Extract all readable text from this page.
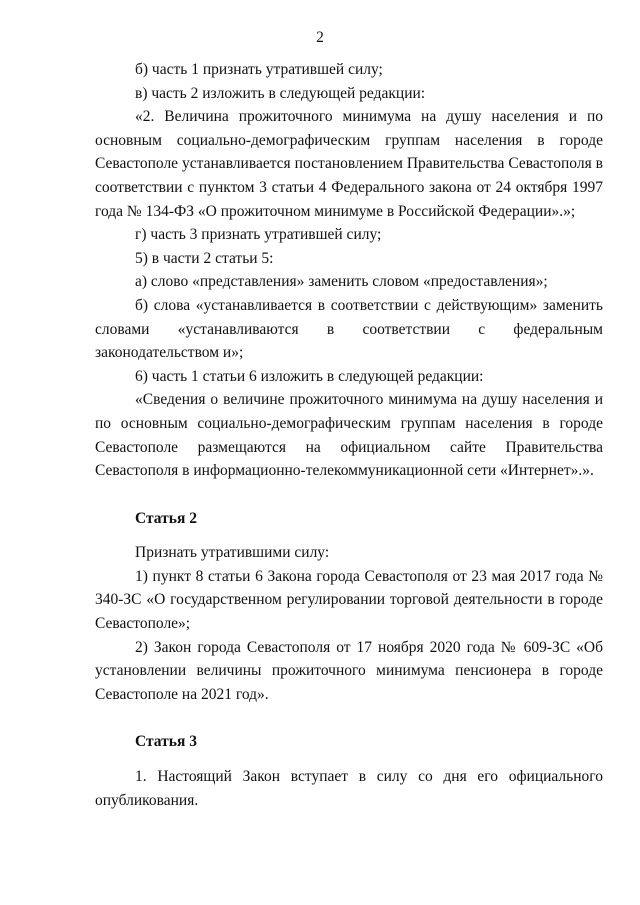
2

б) часть 1 признать утратившей силу;

в) часть 2 изложить в следующей редакции:

«2. Величина прожиточного минимума на душу населения и по основным социально-демографическим группам населения в городе Севастополе устанавливается постановлением Правительства Севастополя в соответствии с пунктом 3 статьи 4 Федерального закона от 24 октября 1997 года № 134-ФЗ «О прожиточном минимуме в Российской Федерации».»;

г) часть 3 признать утратившей силу;

5) в части 2 статьи 5:

а) слово «представления» заменить словом «предоставления»;

б) слова «устанавливается в соответствии с действующим» заменить словами «устанавливаются в соответствии с федеральным законодательством и»;

6) часть 1 статьи 6 изложить в следующей редакции:

«Сведения о величине прожиточного минимума на душу населения и по основным социально-демографическим группам населения в городе Севастополе размещаются на официальном сайте Правительства Севастополя в информационно-телекоммуникационной сети «Интернет».».

Статья 2

Признать утратившими силу:

1) пункт 8 статьи 6 Закона города Севастополя от 23 мая 2017 года № 340-ЗС «О государственном регулировании торговой деятельности в городе Севастополе»;

2) Закон города Севастополя от 17 ноября 2020 года № 609-ЗС «Об установлении величины прожиточного минимума пенсионера в городе Севастополе на 2021 год».

Статья 3

1. Настоящий Закон вступает в силу со дня его официального опубликования.
